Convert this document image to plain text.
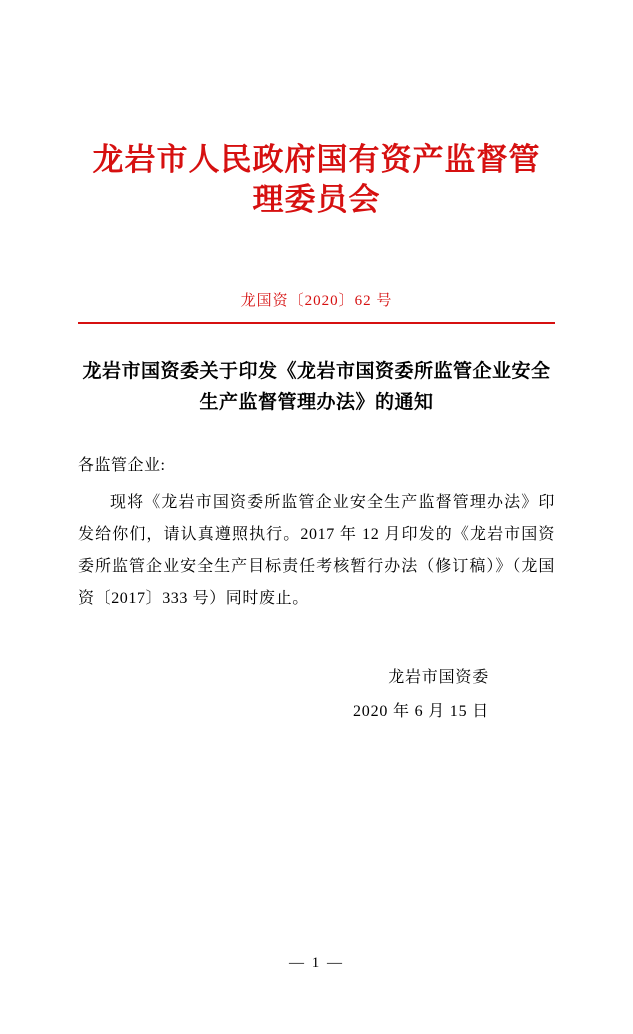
龙岩市人民政府国有资产监督管理委员会
龙国资〔2020〕62 号
龙岩市国资委关于印发《龙岩市国资委所监管企业安全生产监督管理办法》的通知
各监管企业:
现将《龙岩市国资委所监管企业安全生产监督管理办法》印发给你们，请认真遵照执行。2017 年 12 月印发的《龙岩市国资委所监管企业安全生产目标责任考核暂行办法（修订稿）》（龙国资〔2017〕333 号）同时废止。
龙岩市国资委
2020 年 6 月 15 日
— 1 —
